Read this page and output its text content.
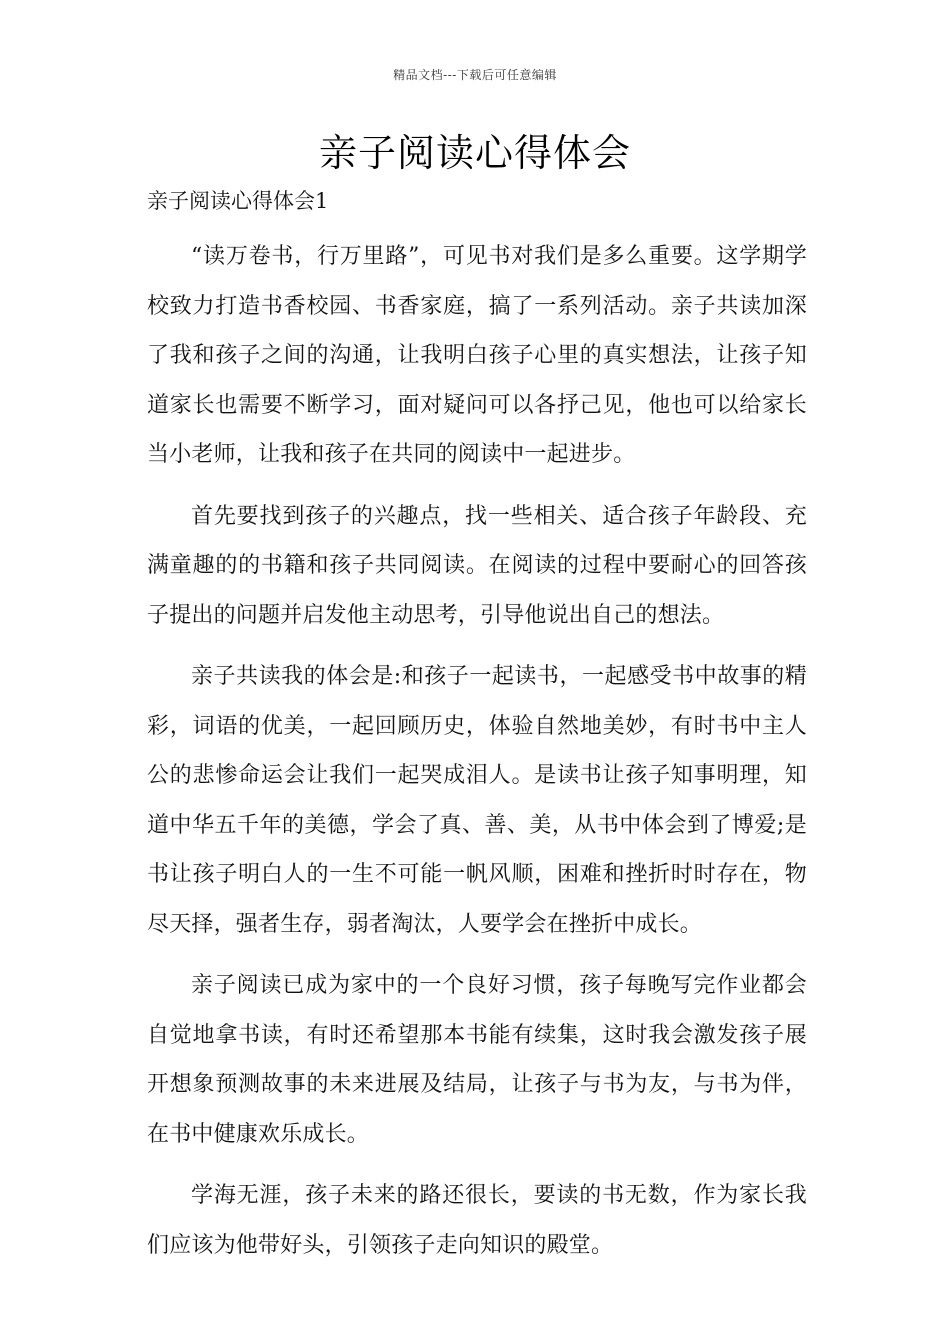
精品文档---下载后可任意编辑
亲子阅读心得体会

亲子阅读心得体会1

“读万卷书，行万里路”，可见书对我们是多么重要。这学期学校致力打造书香校园、书香家庭，搞了一系列活动。亲子共读加深了我和孩子之间的沟通，让我明白孩子心里的真实想法，让孩子知道家长也需要不断学习，面对疑问可以各抒己见，他也可以给家长当小老师，让我和孩子在共同的阅读中一起进步。

首先要找到孩子的兴趣点，找一些相关、适合孩子年龄段、充满童趣的的书籍和孩子共同阅读。在阅读的过程中要耐心的回答孩子提出的问题并启发他主动思考，引导他说出自己的想法。

亲子共读我的体会是:和孩子一起读书，一起感受书中故事的精彩，词语的优美，一起回顾历史，体验自然地美妙，有时书中主人公的悲惨命运会让我们一起哭成泪人。是读书让孩子知事明理，知道中华五千年的美德，学会了真、善、美，从书中体会到了博爱;是书让孩子明白人的一生不可能一帆风顺，困难和挫折时时存在，物尽天择，强者生存，弱者淘汰，人要学会在挫折中成长。

亲子阅读已成为家中的一个良好习惯，孩子每晚写完作业都会自觉地拿书读，有时还希望那本书能有续集，这时我会激发孩子展开想象预测故事的未来进展及结局，让孩子与书为友，与书为伴，在书中健康欢乐成长。

学海无涯，孩子未来的路还很长，要读的书无数，作为家长我们应该为他带好头，引领孩子走向知识的殿堂。
